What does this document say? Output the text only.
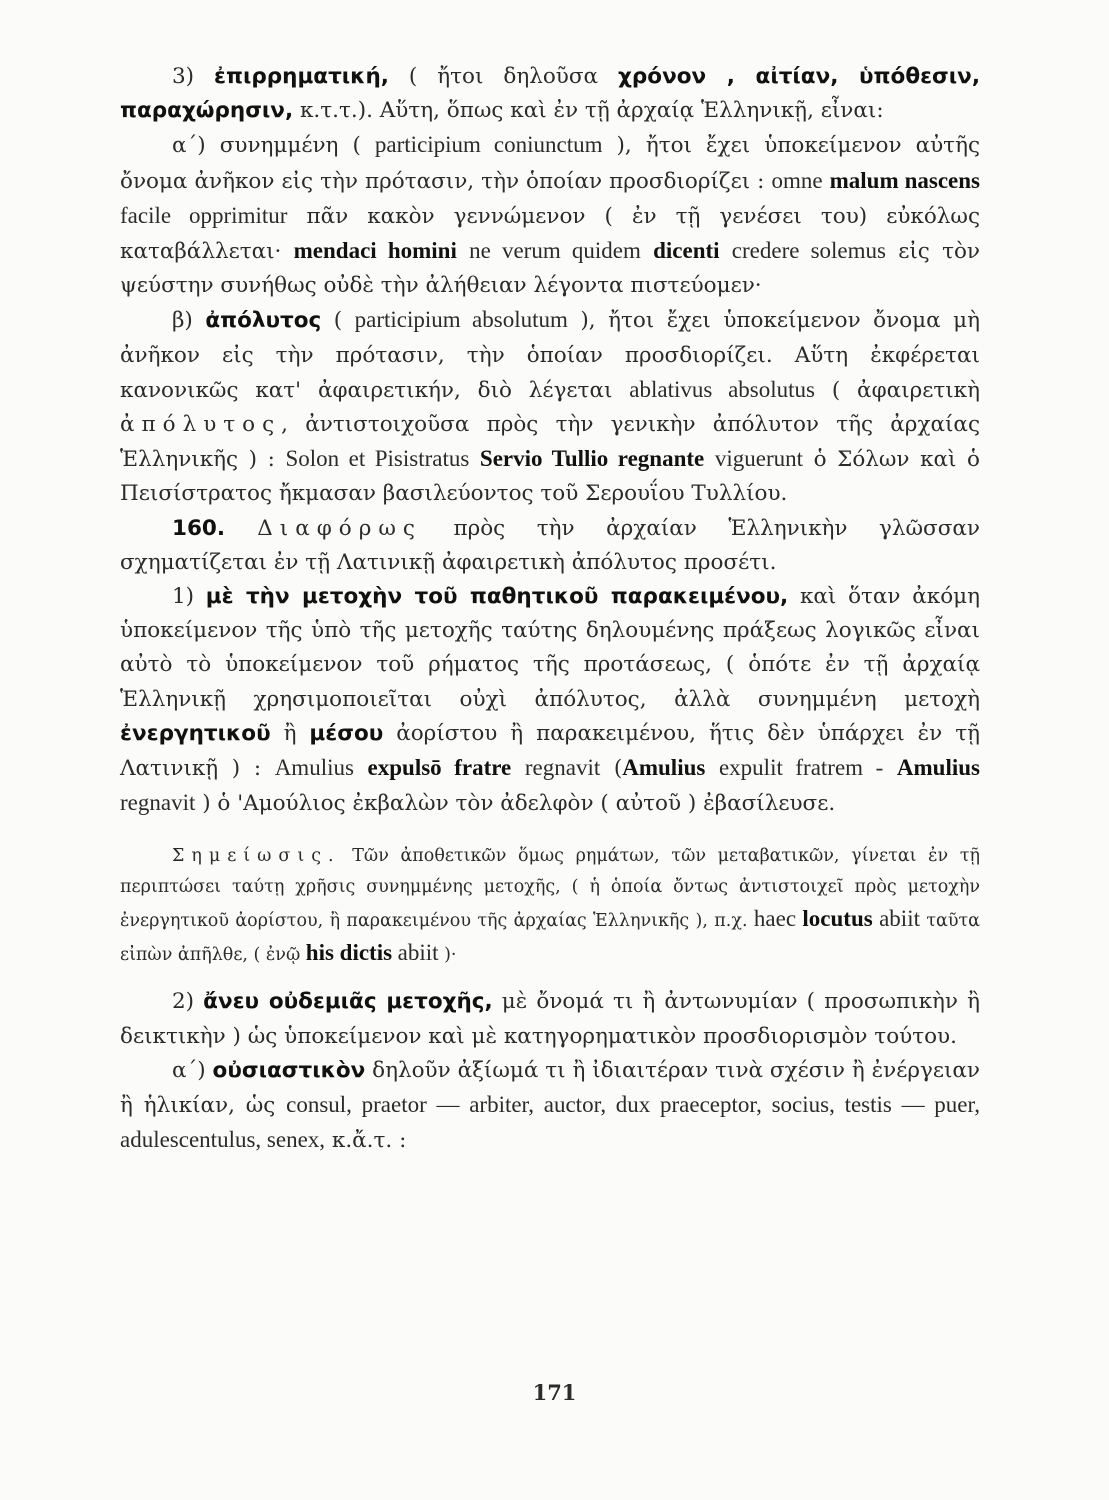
3) ἐπιρρηματική, ( ἤτοι δηλοῦσα χρόνον , αἰτίαν, ὑπόθεσιν, παραχώρησιν, κ.τ.τ.). Αὕτη, ὅπως καὶ ἐν τῇ ἀρχαίᾳ Ἑλληνικῇ, εἶναι:

α΄) συνημμένη ( participium coniunctum ), ἤτοι ἔχει ὑποκείμενον αὐτῆς ὄνομα ἀνῆκον εἰς τὴν πρότασιν, τὴν ὁποίαν προσδιορίζει : omne malum nascens facile opprimitur πᾶν κακὸν γεννώμενον ( ἐν τῇ γενέσει του) εὐκόλως καταβάλλεται· mendaci homini ne verum quidem dicenti credere solemus εἰς τὸν ψεύστην συνήθως οὐδὲ τὴν ἀλήθειαν λέγοντα πιστεύομεν·

β) ἀπόλυτος ( participium absolutum ), ἤτοι ἔχει ὑποκείμενον ὄνομα μὴ ἀνῆκον εἰς τὴν πρότασιν, τὴν ὁποίαν προσδιορίζει. Αὕτη ἐκφέρεται κανονικῶς κατ' ἀφαιρετικήν, διὸ λέγεται ablativus absolutus ( ἀφαιρετικὴ ἀπόλυτος, ἀντιστοιχοῦσα πρὸς τὴν γενικὴν ἀπόλυτον τῆς ἀρχαίας Ἑλληνικῆς ) : Solon et Pisistratus Servio Tullio regnante viguerunt ὁ Σόλων καὶ ὁ Πεισίστρατος ἤκμασαν βασιλεύοντος τοῦ Σερουΐου Τυλλίου.

160. Διαφόρως πρὸς τὴν ἀρχαίαν Ἑλληνικὴν γλῶσσαν σχηματίζεται ἐν τῇ Λατινικῇ ἀφαιρετικὴ ἀπόλυτος προσέτι.

1) μὲ τὴν μετοχὴν τοῦ παθητικοῦ παρακειμένου, καὶ ὅταν ἀκόμη ὑποκείμενον τῆς ὑπὸ τῆς μετοχῆς ταύτης δηλουμένης πράξεως λογικῶς εἶναι αὐτὸ τὸ ὑποκείμενον τοῦ ρήματος τῆς προτάσεως, ( ὁπότε ἐν τῇ ἀρχαίᾳ Ἑλληνικῇ χρησιμοποιεῖται οὐχὶ ἀπόλυτος, ἀλλὰ συνημμένη μετοχὴ ἐνεργητικοῦ ἢ μέσου ἀορίστου ἢ παρακειμένου, ἥτις δὲν ὑπάρχει ἐν τῇ Λατινικῇ ) : Amulius expulsō fratre regnavit (Amulius expulit fratrem - Amulius regnavit ) ὁ 'Αμούλιος ἐκβαλὼν τὸν ἀδελφὸν ( αὐτοῦ ) ἐβασίλευσε.

Σημείωσις. Τῶν ἀποθετικῶν ὅμως ρημάτων, τῶν μεταβατικῶν, γίνεται ἐν τῇ περιπτώσει ταύτῃ χρῆσις συνημμένης μετοχῆς, ( ἡ ὁποία ὄντως ἀντιστοιχεῖ πρὸς μετοχὴν ἐνεργητικοῦ ἀορίστου, ἢ παρακειμένου τῆς ἀρχαίας Ἑλληνικῆς ), π.χ. haec locutus abiit ταῦτα εἰπὼν ἀπῆλθε, ( ἐνῷ his dictis abiit )·

2) ἄνευ οὐδεμιᾶς μετοχῆς, μὲ ὄνομά τι ἢ ἀντωνυμίαν ( προσωπικὴν ἢ δεικτικὴν ) ὡς ὑποκείμενον καὶ μὲ κατηγορηματικὸν προσδιορισμὸν τούτου.

α΄) οὐσιαστικὸν δηλοῦν ἀξίωμά τι ἢ ἰδιαιτέραν τινὰ σχέσιν ἢ ἐνέργειαν ἢ ἡλικίαν, ὡς consul, praetor — arbiter, auctor, dux praeceptor, socius, testis — puer, adulescentulus, senex, κ.ἄ.τ. :

171
